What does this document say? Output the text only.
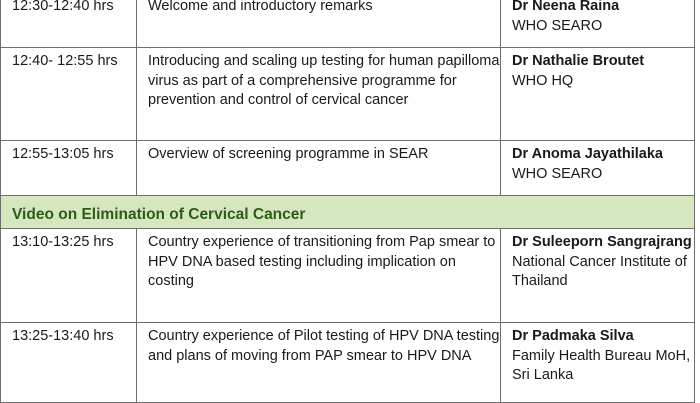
12:30-12:40 hrs	Welcome and introductory remarks	Dr Neena Raina
WHO SEARO

12:40- 12:55 hrs	Introducing and scaling up testing for human papilloma virus as part of a comprehensive programme for prevention and control of cervical cancer	Dr Nathalie Broutet
WHO HQ

12:55-13:05 hrs	Overview of screening programme in SEAR	Dr Anoma Jayathilaka
WHO SEARO

Video on Elimination of Cervical Cancer		
13:10-13:25 hrs	Country experience of transitioning from Pap smear to HPV DNA based testing including implication on costing	Dr Suleeporn Sangrajrang
National Cancer Institute of Thailand

13:25-13:40 hrs	Country experience of Pilot testing of HPV DNA testing and plans of moving from PAP smear to HPV DNA	Dr Padmaka Silva
Family Health Bureau MoH, Sri Lanka
